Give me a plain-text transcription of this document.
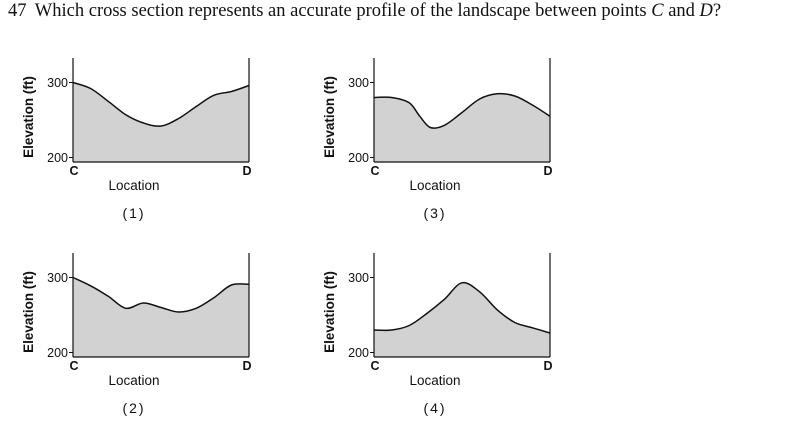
47 Which cross section represents an accurate profile of the landscape between points C and D?

200
300
C	D
Location
(1)
Elevation (ft)
200
300
C	D
Location
(3)
Elevation (ft)
200
300
C	D
Location
(2)
Elevation (ft)
200
300
C	D
Location
(4)
Elevation (ft)
